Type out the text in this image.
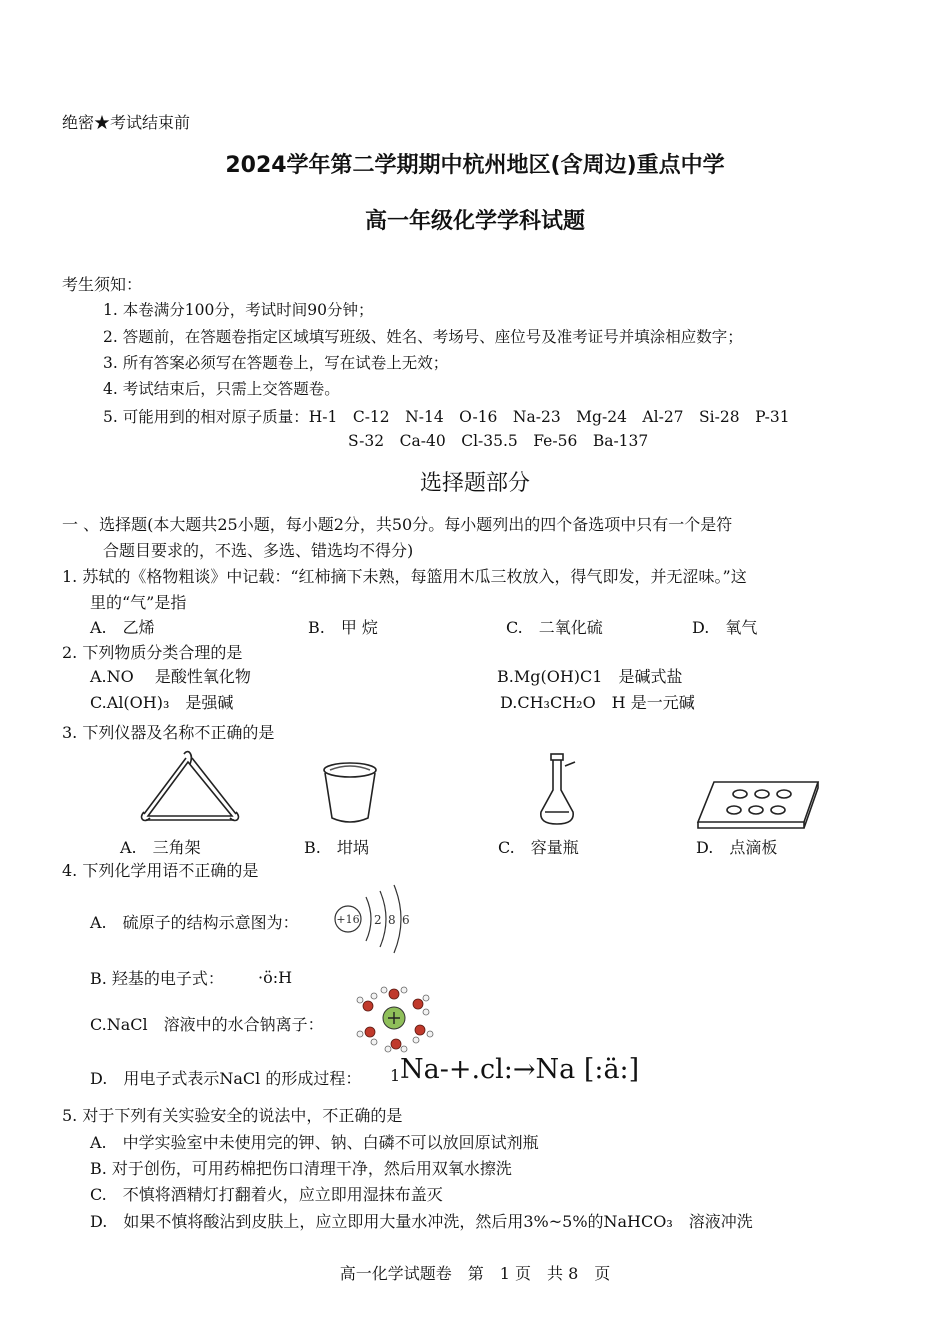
绝密★考试结束前
2024学年第二学期期中杭州地区(含周边)重点中学
高一年级化学学科试题
考生须知：
1. 本卷满分100分，考试时间90分钟；
2. 答题前，在答题卷指定区域填写班级、姓名、考场号、座位号及准考证号并填涂相应数字；
3. 所有答案必须写在答题卷上，写在试卷上无效；
4. 考试结束后，只需上交答题卷。
5. 可能用到的相对原子质量：H-1　C-12　N-14　O-16　Na-23　Mg-24　Al-27　Si-28　P-31
S-32　Ca-40　Cl-35.5　Fe-56　Ba-137
选择题部分
一 、选择题(本大题共25小题，每小题2分，共50分。每小题列出的四个备选项中只有一个是符
合题目要求的，不选、多选、错选均不得分)
1. 苏轼的《格物粗谈》中记载：“红柿摘下未熟，每篮用木瓜三枚放入，得气即发，并无涩味。”这
里的“气”是指
A.　乙烯	B.　甲 烷	C.　二氧化硫	D.　氧气
2. 下列物质分类合理的是
A.NO　 是酸性氧化物	B.Mg(OH)C1　是碱式盐
C.Al(OH)₃　是强碱	D.CH₃CH₂O　H 是一元碱
3. 下列仪器及名称不正确的是
A.　三角架	B.　坩埚	C.　容量瓶	D.　点滴板
4. 下列化学用语不正确的是
A.　硫原子的结构示意图为：	+16 2 8 6
B. 羟基的电子式： ·ö:H
C.NaCl　溶液中的水合钠离子：
D.　用电子式表示NaCl 的形成过程： 1 Na-+.cl:→Na [:ä:]
5. 对于下列有关实验安全的说法中，不正确的是
A.　中学实验室中未使用完的钾、钠、白磷不可以放回原试剂瓶
B. 对于创伤，可用药棉把伤口清理干净，然后用双氧水擦洗
C.　不慎将酒精灯打翻着火，应立即用湿抹布盖灭
D.　如果不慎将酸沾到皮肤上，应立即用大量水冲洗，然后用3%~5%的NaHCO₃　溶液冲洗
高一化学试题卷　第　1 页　共 8　页
